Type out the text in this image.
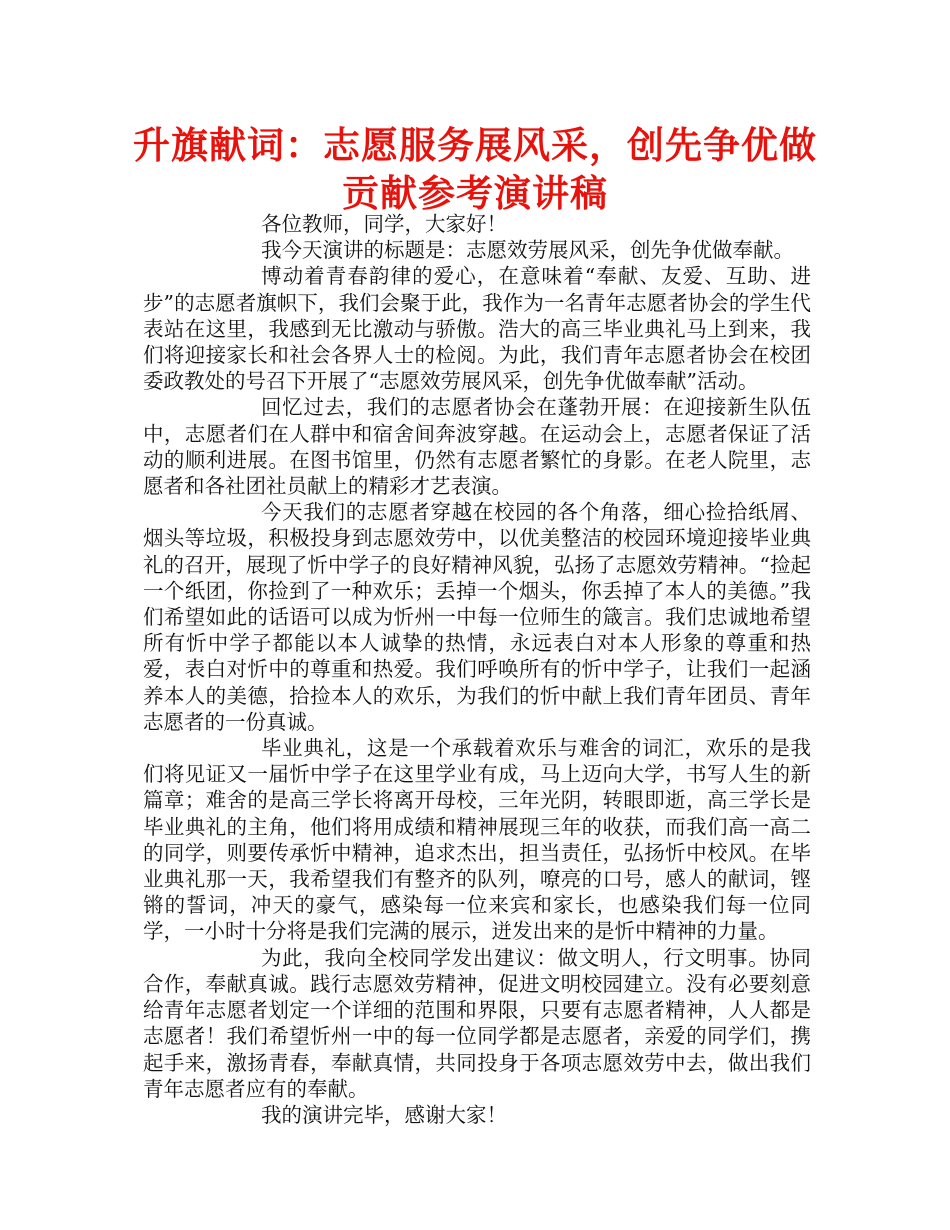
升旗献词：志愿服务展风采，创先争优做贡献参考演讲稿

各位教师，同学，大家好！

我今天演讲的标题是：志愿效劳展风采，创先争优做奉献。

博动着青春韵律的爱心，在意味着“奉献、友爱、互助、进步”的志愿者旗帜下，我们会聚于此，我作为一名青年志愿者协会的学生代表站在这里，我感到无比激动与骄傲。浩大的高三毕业典礼马上到来，我们将迎接家长和社会各界人士的检阅。为此，我们青年志愿者协会在校团委政教处的号召下开展了“志愿效劳展风采，创先争优做奉献”活动。

回忆过去，我们的志愿者协会在蓬勃开展：在迎接新生队伍中，志愿者们在人群中和宿舍间奔波穿越。在运动会上，志愿者保证了活动的顺利进展。在图书馆里，仍然有志愿者繁忙的身影。在老人院里，志愿者和各社团社员献上的精彩才艺表演。

今天我们的志愿者穿越在校园的各个角落，细心捡拾纸屑、烟头等垃圾，积极投身到志愿效劳中，以优美整洁的校园环境迎接毕业典礼的召开，展现了忻中学子的良好精神风貌，弘扬了志愿效劳精神。“捡起一个纸团，你捡到了一种欢乐；丢掉一个烟头，你丢掉了本人的美德。”我们希望如此的话语可以成为忻州一中每一位师生的箴言。我们忠诚地希望所有忻中学子都能以本人诚挚的热情，永远表白对本人形象的尊重和热爱，表白对忻中的尊重和热爱。我们呼唤所有的忻中学子，让我们一起涵养本人的美德，拾捡本人的欢乐，为我们的忻中献上我们青年团员、青年志愿者的一份真诚。

毕业典礼，这是一个承载着欢乐与难舍的词汇，欢乐的是我们将见证又一届忻中学子在这里学业有成，马上迈向大学，书写人生的新篇章；难舍的是高三学长将离开母校，三年光阴，转眼即逝，高三学长是毕业典礼的主角，他们将用成绩和精神展现三年的收获，而我们高一高二的同学，则要传承忻中精神，追求杰出，担当责任，弘扬忻中校风。在毕业典礼那一天，我希望我们有整齐的队列，嘹亮的口号，感人的献词，铿锵的誓词，冲天的豪气，感染每一位来宾和家长，也感染我们每一位同学，一小时十分将是我们完满的展示，迸发出来的是忻中精神的力量。

为此，我向全校同学发出建议：做文明人，行文明事。协同合作，奉献真诚。践行志愿效劳精神，促进文明校园建立。没有必要刻意给青年志愿者划定一个详细的范围和界限，只要有志愿者精神，人人都是志愿者！我们希望忻州一中的每一位同学都是志愿者，亲爱的同学们，携起手来，激扬青春，奉献真情，共同投身于各项志愿效劳中去，做出我们青年志愿者应有的奉献。

我的演讲完毕，感谢大家！
